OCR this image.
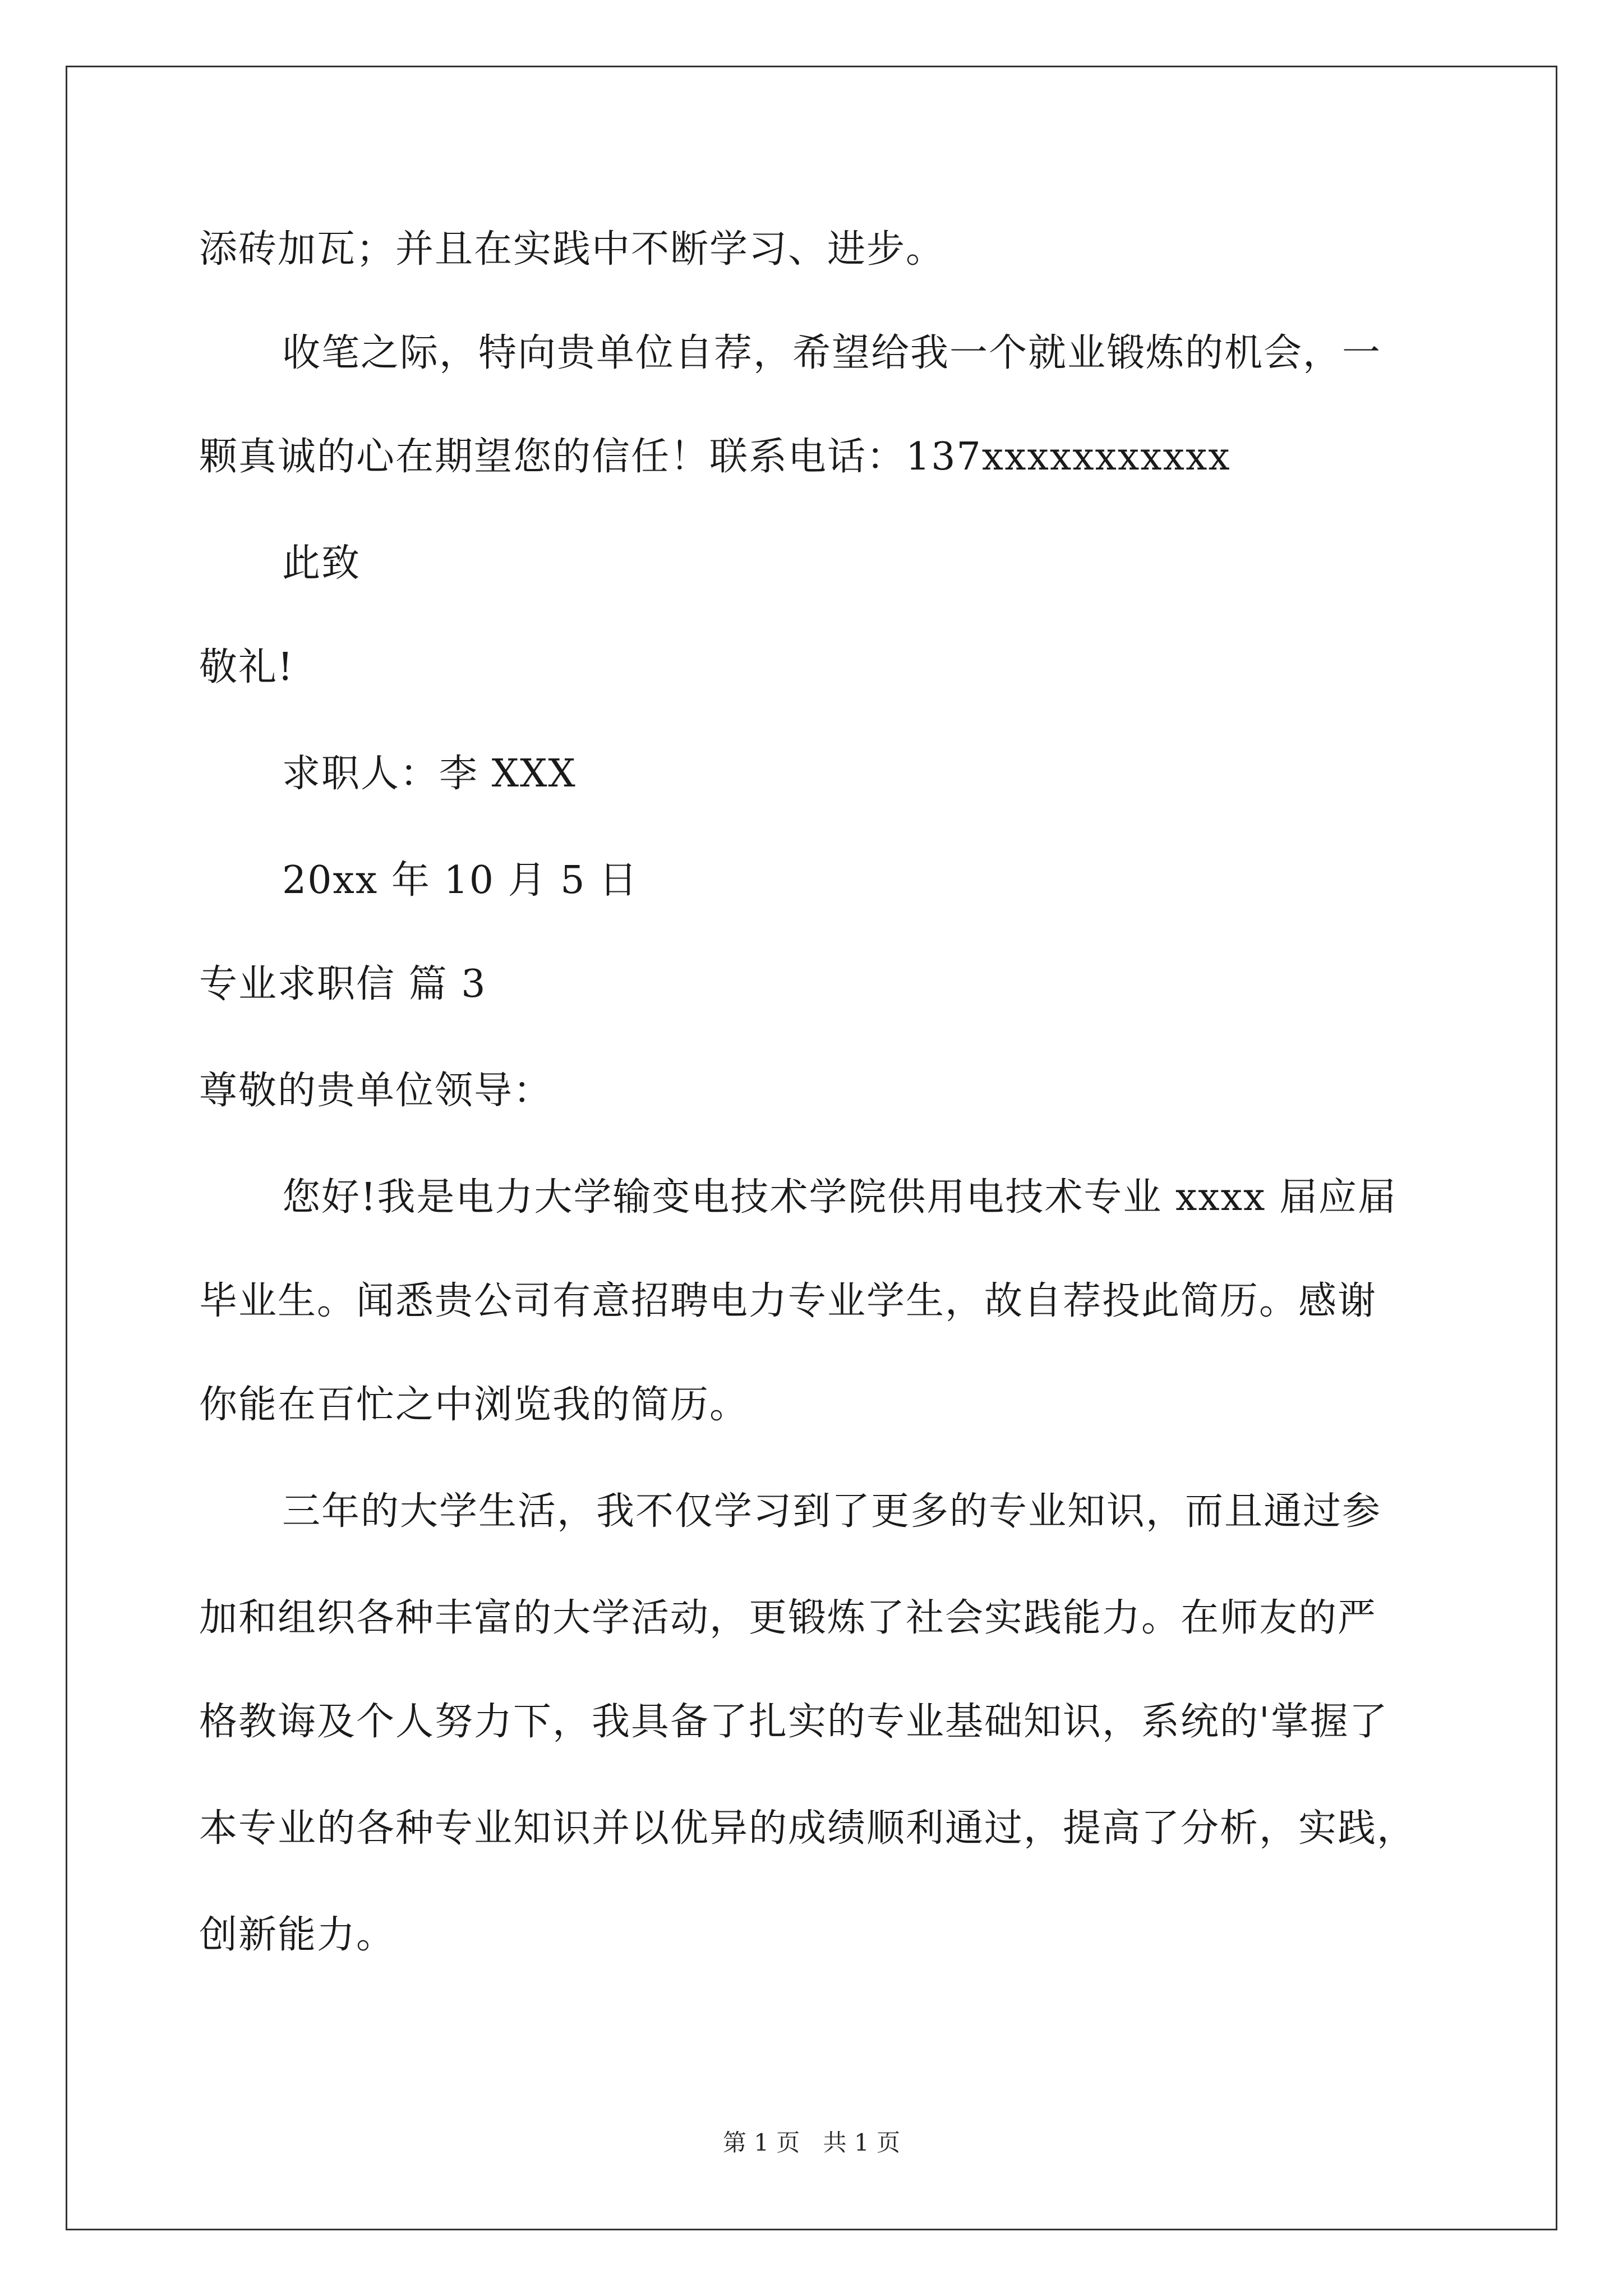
添砖加瓦；并且在实践中不断学习、进步。
收笔之际，特向贵单位自荐，希望给我一个就业锻炼的机会，一
颗真诚的心在期望您的信任！联系电话：137xxxxxxxxxxx
此致
敬礼!
求职人：李 XXX
20xx 年 10 月 5 日
专业求职信 篇 3
尊敬的贵单位领导：
您好!我是电力大学输变电技术学院供用电技术专业 xxxx 届应届
毕业生。闻悉贵公司有意招聘电力专业学生，故自荐投此简历。感谢
你能在百忙之中浏览我的简历。
三年的大学生活，我不仅学习到了更多的专业知识，而且通过参
加和组织各种丰富的大学活动，更锻炼了社会实践能力。在师友的严
格教诲及个人努力下，我具备了扎实的专业基础知识，系统的'掌握了
本专业的各种专业知识并以优异的成绩顺利通过，提高了分析，实践，
创新能力。
第 1 页 共 1 页
